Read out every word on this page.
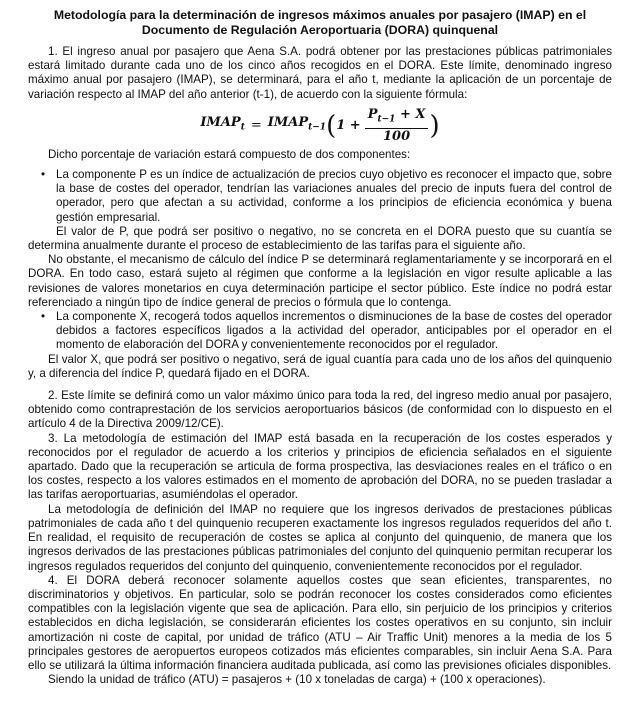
Metodología para la determinación de ingresos máximos anuales por pasajero (IMAP) en el Documento de Regulación Aeroportuaria (DORA) quinquenal

1. El ingreso anual por pasajero que Aena S.A. podrá obtener por las prestaciones públicas patrimoniales estará limitado durante cada uno de los cinco años recogidos en el DORA. Este límite, denominado ingreso máximo anual por pasajero (IMAP), se determinará, para el año t, mediante la aplicación de un porcentaje de variación respecto al IMAP del año anterior (t-1), de acuerdo con la siguiente fórmula:

$IMAP_t$ = $IMAP_{t-1}$ ( $1 + \frac{P_{t-1} + X}{100}$ )

Dicho porcentaje de variación estará compuesto de dos componentes:

• La componente P es un índice de actualización de precios cuyo objetivo es reconocer el impacto que, sobre la base de costes del operador, tendrían las variaciones anuales del precio de inputs fuera del control de operador, pero que afectan a su actividad, conforme a los principios de eficiencia económica y buena gestión empresarial.

El valor de P, que podrá ser positivo o negativo, no se concreta en el DORA puesto que su cuantía se determina anualmente durante el proceso de establecimiento de las tarifas para el siguiente año.

No obstante, el mecanismo de cálculo del índice P se determinará reglamentariamente y se incorporará en el DORA. En todo caso, estará sujeto al régimen que conforme a la legislación en vigor resulte aplicable a las revisiones de valores monetarios en cuya determinación participe el sector público. Este índice no podrá estar referenciado a ningún tipo de índice general de precios o fórmula que lo contenga.

• La componente X, recogerá todos aquellos incrementos o disminuciones de la base de costes del operador debidos a factores específicos ligados a la actividad del operador, anticipables por el operador en el momento de elaboración del DORA y convenientemente reconocidos por el regulador.

El valor X, que podrá ser positivo o negativo, será de igual cuantía para cada uno de los años del quinquenio y, a diferencia del índice P, quedará fijado en el DORA.

2. Este límite se definirá como un valor máximo único para toda la red, del ingreso medio anual por pasajero, obtenido como contraprestación de los servicios aeroportuarios básicos (de conformidad con lo dispuesto en el artículo 4 de la Directiva 2009/12/CE).

3. La metodología de estimación del IMAP está basada en la recuperación de los costes esperados y reconocidos por el regulador de acuerdo a los criterios y principios de eficiencia señalados en el siguiente apartado. Dado que la recuperación se articula de forma prospectiva, las desviaciones reales en el tráfico o en los costes, respecto a los valores estimados en el momento de aprobación del DORA, no se pueden trasladar a las tarifas aeroportuarias, asumiéndolas el operador.

La metodología de definición del IMAP no requiere que los ingresos derivados de prestaciones públicas patrimoniales de cada año t del quinquenio recuperen exactamente los ingresos regulados requeridos del año t. En realidad, el requisito de recuperación de costes se aplica al conjunto del quinquenio, de manera que los ingresos derivados de las prestaciones públicas patrimoniales del conjunto del quinquenio permitan recuperar los ingresos regulados requeridos del conjunto del quinquenio, convenientemente reconocidos por el regulador.

4. El DORA deberá reconocer solamente aquellos costes que sean eficientes, transparentes, no discriminatorios y objetivos. En particular, solo se podrán reconocer los costes considerados como eficientes compatibles con la legislación vigente que sea de aplicación. Para ello, sin perjuicio de los principios y criterios establecidos en dicha legislación, se considerarán eficientes los costes operativos en su conjunto, sin incluir amortización ni coste de capital, por unidad de tráfico (ATU – Air Traffic Unit) menores a la media de los 5 principales gestores de aeropuertos europeos cotizados más eficientes comparables, sin incluir Aena S.A. Para ello se utilizará la última información financiera auditada publicada, así como las previsiones oficiales disponibles.

Siendo la unidad de tráfico (ATU) = pasajeros + (10 x toneladas de carga) + (100 x operaciones).
